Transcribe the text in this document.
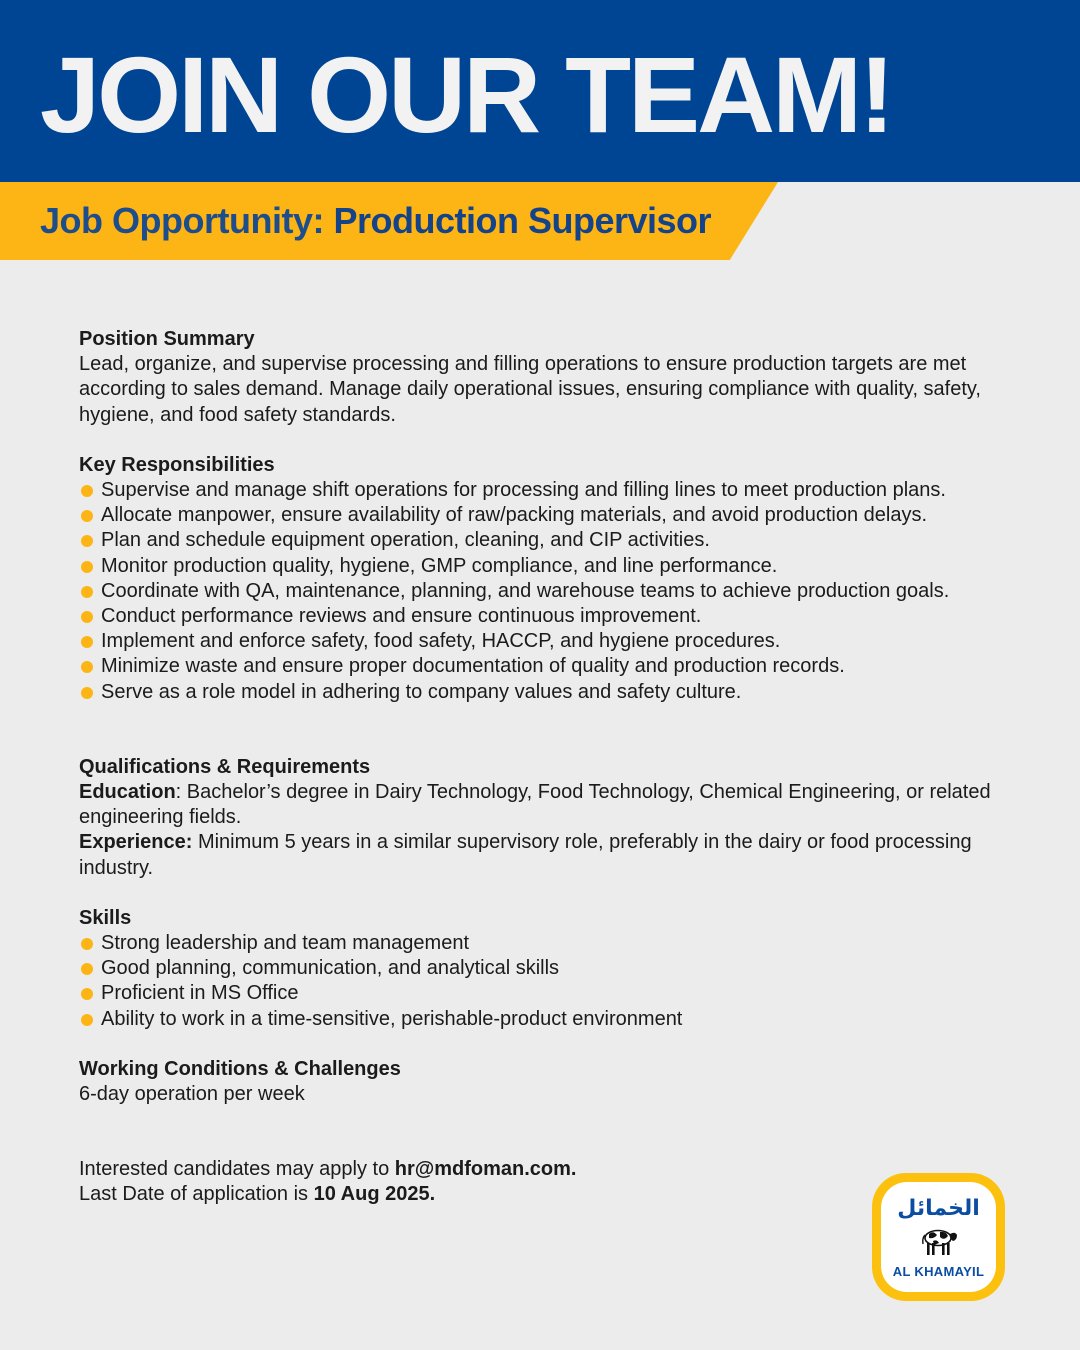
JOIN OUR TEAM!
Job Opportunity: Production Supervisor

Position Summary

Lead, organize, and supervise processing and filling operations to ensure production targets are met according to sales demand. Manage daily operational issues, ensuring compliance with quality, safety, hygiene, and food safety standards.

Key Responsibilities

Supervise and manage shift operations for processing and filling lines to meet production plans.
Allocate manpower, ensure availability of raw/packing materials, and avoid production delays.
Plan and schedule equipment operation, cleaning, and CIP activities.
Monitor production quality, hygiene, GMP compliance, and line performance.
Coordinate with QA, maintenance, planning, and warehouse teams to achieve production goals.
Conduct performance reviews and ensure continuous improvement.
Implement and enforce safety, food safety, HACCP, and hygiene procedures.
Minimize waste and ensure proper documentation of quality and production records.
Serve as a role model in adhering to company values and safety culture.

Qualifications & Requirements

Education: Bachelor’s degree in Dairy Technology, Food Technology, Chemical Engineering, or related engineering fields.

Experience: Minimum 5 years in a similar supervisory role, preferably in the dairy or food processing industry.

Skills

Strong leadership and team management
Good planning, communication, and analytical skills
Proficient in MS Office
Ability to work in a time-sensitive, perishable-product environment

Working Conditions & Challenges

6-day operation per week

Interested candidates may apply to hr@mdfoman.com.

Last Date of application is 10 Aug 2025.

الخمائل
AL KHAMAYIL
